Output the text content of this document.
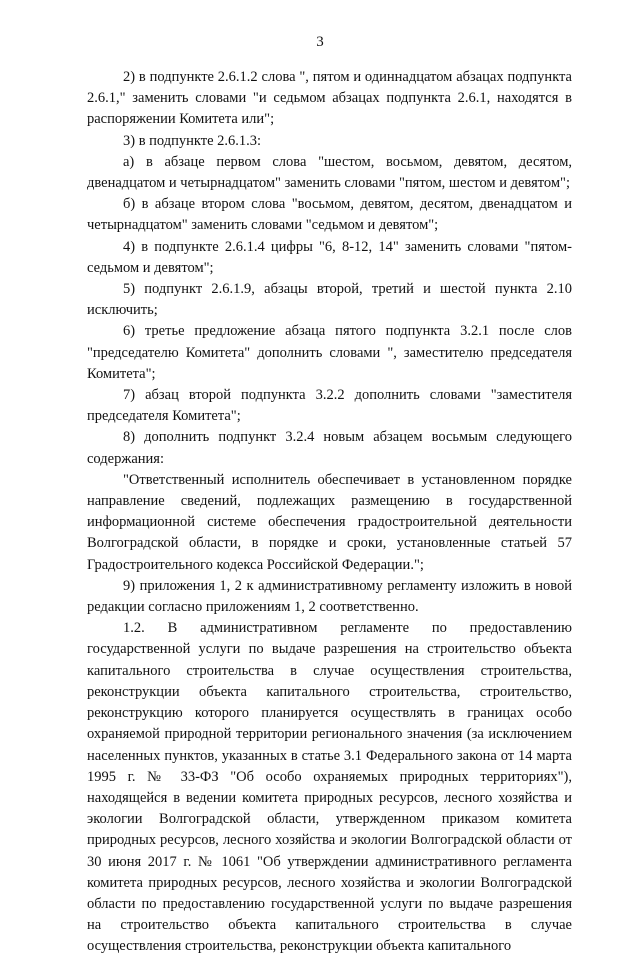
3

2) в подпункте 2.6.1.2 слова ", пятом и одиннадцатом абзацах подпункта 2.6.1," заменить словами "и седьмом абзацах подпункта 2.6.1, находятся в распоряжении Комитета или";

3) в подпункте 2.6.1.3:

а) в абзаце первом слова "шестом, восьмом, девятом, десятом, двенадцатом и четырнадцатом" заменить словами "пятом, шестом и девятом";

б) в абзаце втором слова "восьмом, девятом, десятом, двенадцатом и четырнадцатом" заменить словами "седьмом и девятом";

4) в подпункте 2.6.1.4 цифры "6, 8-12, 14" заменить словами "пятом-седьмом и девятом";

5) подпункт 2.6.1.9, абзацы второй, третий и шестой пункта 2.10 исключить;

6) третье предложение абзаца пятого подпункта 3.2.1 после слов "председателю Комитета" дополнить словами ", заместителю председателя Комитета";

7) абзац второй подпункта 3.2.2 дополнить словами "заместителя председателя Комитета";

8) дополнить подпункт 3.2.4 новым абзацем восьмым следующего содержания:

"Ответственный исполнитель обеспечивает в установленном порядке направление сведений, подлежащих размещению в государственной информационной системе обеспечения градостроительной деятельности Волгоградской области, в порядке и сроки, установленные статьей 57 Градостроительного кодекса Российской Федерации.";

9) приложения 1, 2 к административному регламенту изложить в новой редакции согласно приложениям 1, 2 соответственно.

1.2. В административном регламенте по предоставлению государственной услуги по выдаче разрешения на строительство объекта капитального строительства в случае осуществления строительства, реконструкции объекта капитального строительства, строительство, реконструкцию которого планируется осуществлять в границах особо охраняемой природной территории регионального значения (за исключением населенных пунктов, указанных в статье 3.1 Федерального закона от 14 марта 1995 г. № 33-ФЗ "Об особо охраняемых природных территориях"), находящейся в ведении комитета природных ресурсов, лесного хозяйства и экологии Волгоградской области, утвержденном приказом комитета природных ресурсов, лесного хозяйства и экологии Волгоградской области от 30 июня 2017 г. № 1061 "Об утверждении административного регламента комитета природных ресурсов, лесного хозяйства и экологии Волгоградской области по предоставлению государственной услуги по выдаче разрешения на строительство объекта капитального строительства в случае осуществления строительства, реконструкции объекта капитального
